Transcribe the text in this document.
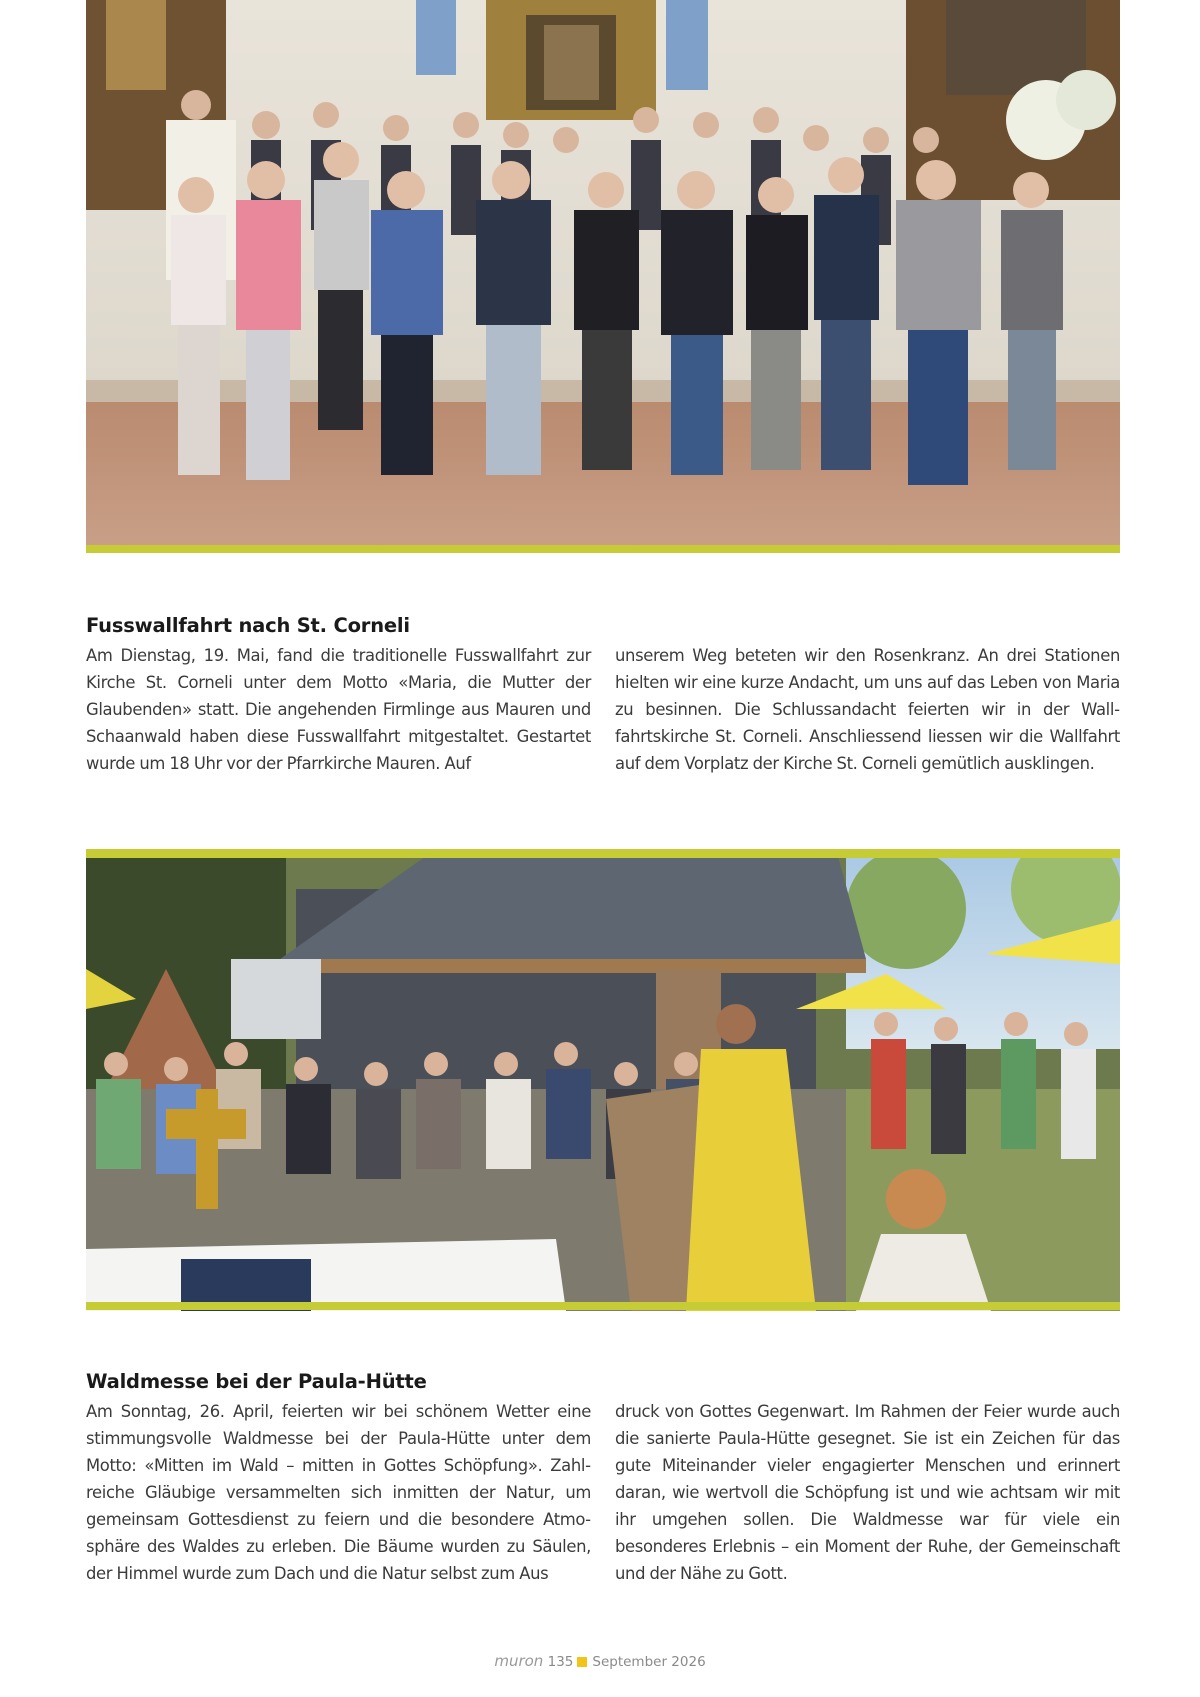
Fusswallfahrt nach St. Corneli

Am Dienstag, 19. Mai, fand die traditionelle Fusswallfahrt zur Kirche St. Corneli unter dem Motto «Maria, die Mutter der Glaubenden» statt. Die angehenden Firmlinge aus Mauren und Schaanwald haben diese Fusswallfahrt mitgestaltet. Gestartet wurde um 18 Uhr vor der Pfarrkirche Mauren. Auf

unserem Weg beteten wir den Rosenkranz. An drei Stationen hielten wir eine kurze Andacht, um uns auf das Leben von Maria zu besinnen. Die Schlussandacht feierten wir in der Wallfahrtskirche St. Corneli. Anschliessend liessen wir die Wallfahrt auf dem Vorplatz der Kirche St. Corneli gemütlich ausklingen.

Waldmesse bei der Paula-Hütte

Am Sonntag, 26. April, feierten wir bei schönem Wetter eine stimmungsvolle Waldmesse bei der Paula-Hütte unter dem Motto: «Mitten im Wald – mitten in Gottes Schöpfung». Zahlreiche Gläubige versammelten sich inmitten der Natur, um gemeinsam Gottesdienst zu feiern und die besondere Atmosphäre des Waldes zu erleben. Die Bäume wurden zu Säulen, der Himmel wurde zum Dach und die Natur selbst zum Aus

druck von Gottes Gegenwart. Im Rahmen der Feier wurde auch die sanierte Paula-Hütte gesegnet. Sie ist ein Zeichen für das gute Miteinander vieler engagierter Menschen und erinnert daran, wie wertvoll die Schöpfung ist und wie achtsam wir mit ihr umgehen sollen. Die Waldmesse war für viele ein besonderes Erlebnis – ein Moment der Ruhe, der Gemeinschaft und der Nähe zu Gott.

muron 135 September 2026
